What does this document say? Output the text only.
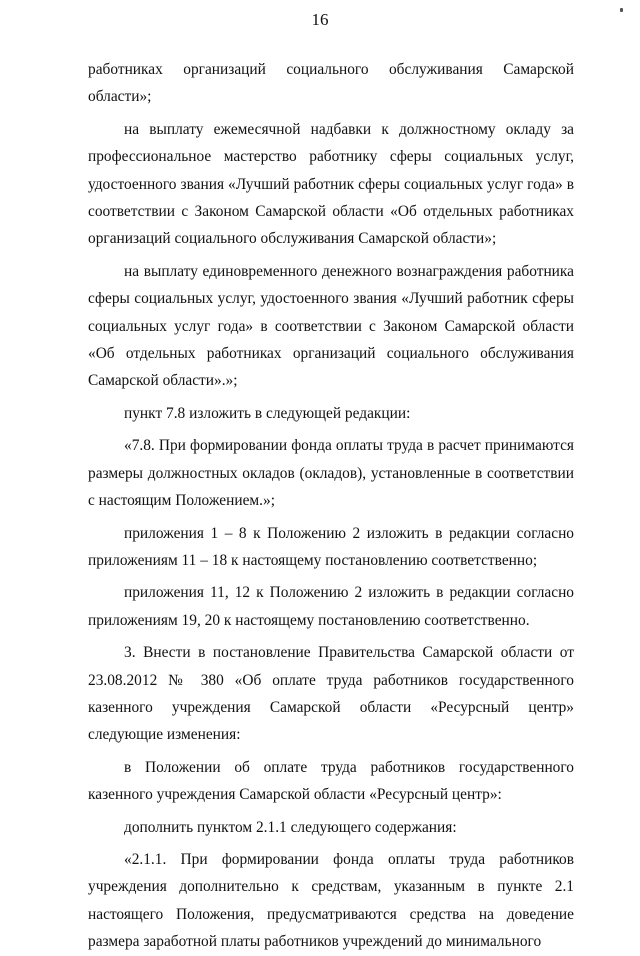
16

работниках организаций социального обслуживания Самарской области»;

на выплату ежемесячной надбавки к должностному окладу за профессиональное мастерство работнику сферы социальных услуг, удостоенного звания «Лучший работник сферы социальных услуг года» в соответствии с Законом Самарской области «Об отдельных работниках организаций социального обслуживания Самарской области»;

на выплату единовременного денежного вознаграждения работника сферы социальных услуг, удостоенного звания «Лучший работник сферы социальных услуг года» в соответствии с Законом Самарской области «Об отдельных работниках организаций социального обслуживания Самарской области».»;

пункт 7.8 изложить в следующей редакции:

«7.8. При формировании фонда оплаты труда в расчет принимаются размеры должностных окладов (окладов), установленные в соответствии с настоящим Положением.»;

приложения 1 – 8 к Положению 2 изложить в редакции согласно приложениям 11 – 18 к настоящему постановлению соответственно;

приложения 11, 12 к Положению 2 изложить в редакции согласно приложениям 19, 20 к настоящему постановлению соответственно.

3. Внести в постановление Правительства Самарской области от 23.08.2012 № 380 «Об оплате труда работников государственного казенного учреждения Самарской области «Ресурсный центр» следующие изменения:

в Положении об оплате труда работников государственного казенного учреждения Самарской области «Ресурсный центр»:

дополнить пунктом 2.1.1 следующего содержания:

«2.1.1. При формировании фонда оплаты труда работников учреждения дополнительно к средствам, указанным в пункте 2.1 настоящего Положения, предусматриваются средства на доведение размера заработной платы работников учреждений до минимального
